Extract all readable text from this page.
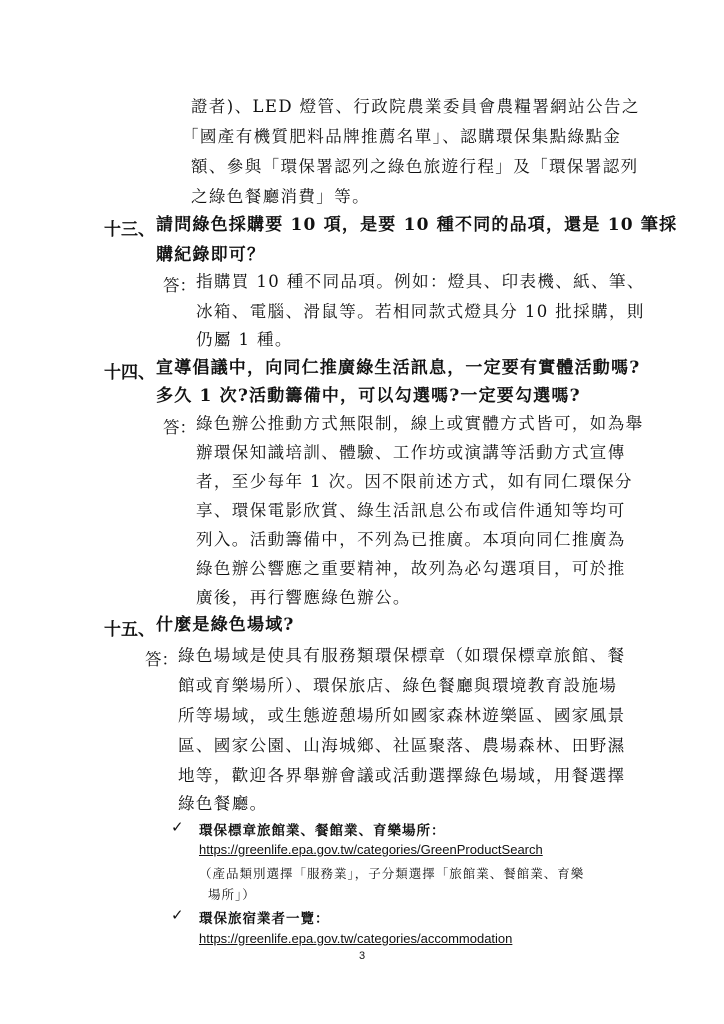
證者)、LED 燈管、行政院農業委員會農糧署網站公告之
「國產有機質肥料品牌推薦名單」、認購環保集點綠點金
額、參與「環保署認列之綠色旅遊行程」及「環保署認列
之綠色餐廳消費」等。
十三、 請問綠色採購要 10 項，是要 10 種不同的品項，還是 10 筆採
購紀錄即可？
答： 指購買 10 種不同品項。例如：燈具、印表機、紙、筆、
冰箱、電腦、滑鼠等。若相同款式燈具分 10 批採購，則
仍屬 1 種。
十四、 宣導倡議中，向同仁推廣綠生活訊息，一定要有實體活動嗎?
多久 1 次?活動籌備中，可以勾選嗎?一定要勾選嗎?
答： 綠色辦公推動方式無限制，線上或實體方式皆可，如為舉
辦環保知識培訓、體驗、工作坊或演講等活動方式宣傳
者，至少每年 1 次。因不限前述方式，如有同仁環保分
享、環保電影欣賞、綠生活訊息公布或信件通知等均可
列入。活動籌備中，不列為已推廣。本項向同仁推廣為
綠色辦公響應之重要精神，故列為必勾選項目，可於推
廣後，再行響應綠色辦公。
十五、 什麼是綠色場域?
答： 綠色場域是使具有服務類環保標章（如環保標章旅館、餐
館或育樂場所）、環保旅店、綠色餐廳與環境教育設施場
所等場域，或生態遊憩場所如國家森林遊樂區、國家風景
區、國家公園、山海城鄉、社區聚落、農場森林、田野濕
地等，歡迎各界舉辦會議或活動選擇綠色場域，用餐選擇
綠色餐廳。
✓ 環保標章旅館業、餐館業、育樂場所：
https://greenlife.epa.gov.tw/categories/GreenProductSearch
（產品類別選擇「服務業」，子分類選擇「旅館業、餐館業、育樂
場所」）
✓ 環保旅宿業者一覽：
https://greenlife.epa.gov.tw/categories/accommodation
3
